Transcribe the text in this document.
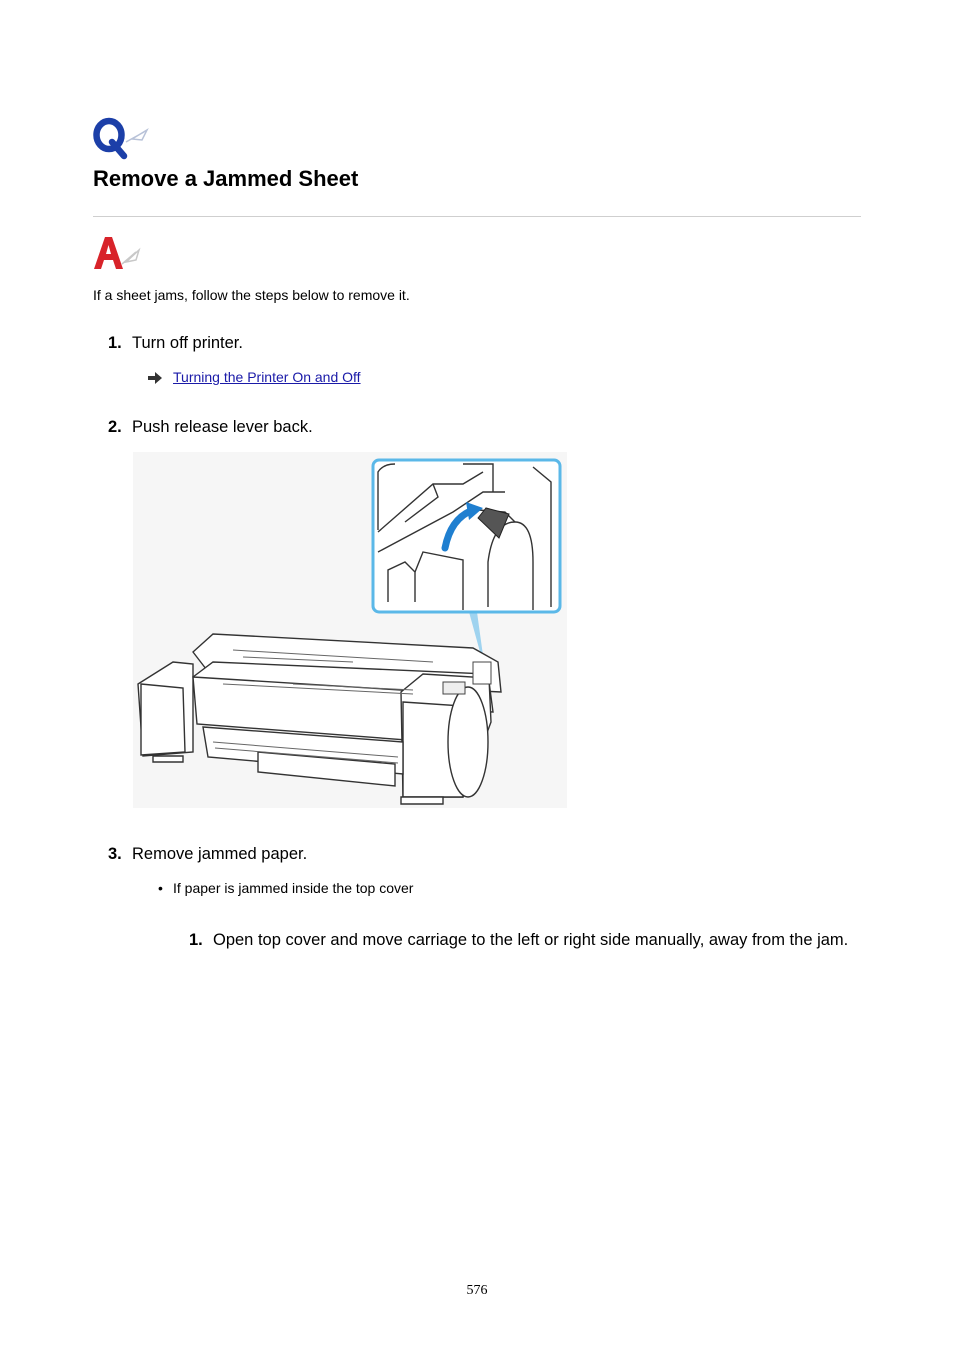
Remove a Jammed Sheet
If a sheet jams, follow the steps below to remove it.
1. Turn off printer.
Turning the Printer On and Off
2. Push release lever back.
3. Remove jammed paper.
• If paper is jammed inside the top cover
1. Open top cover and move carriage to the left or right side manually, away from the jam.
576
